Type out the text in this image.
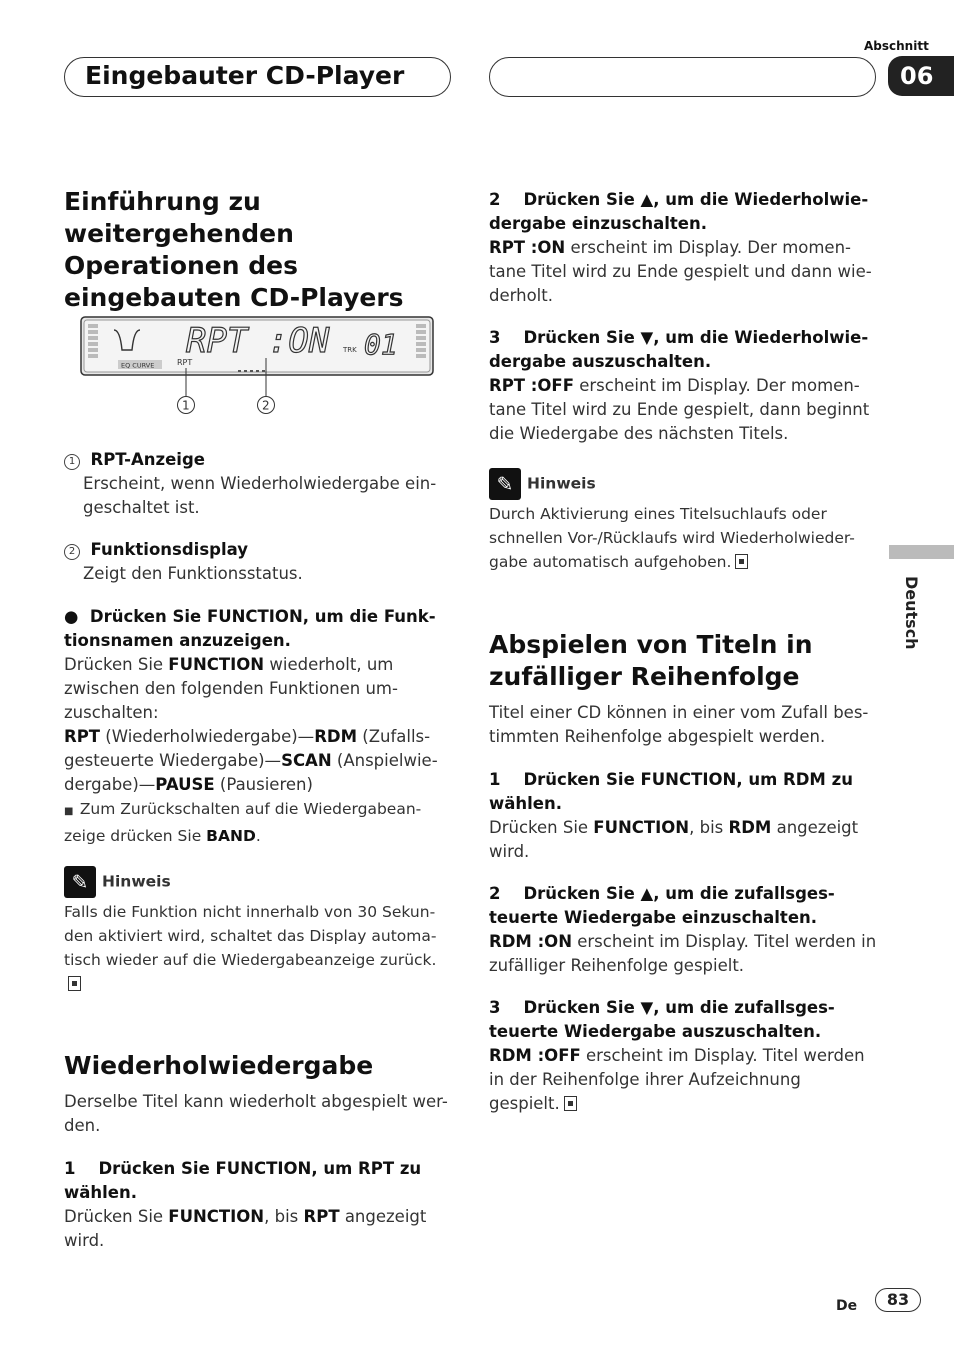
Eingebauter CD-Player
Abschnitt
06
Deutsch
Einführung zu weitergehenden Operationen des eingebauten CD-Players
EQ CURVE	RPT
RPT :ON TRK 01
1	2
1 RPT-Anzeige
Erscheint, wenn Wiederholwiedergabe ein-geschaltet ist.
2 Funktionsdisplay
Zeigt den Funktionsstatus.
●  Drücken Sie FUNCTION, um die Funk-tionsnamen anzuzeigen.
Drücken Sie FUNCTION wiederholt, um zwischen den folgenden Funktionen um-zuschalten:
RPT (Wiederholwiedergabe)—RDM (Zufalls-gesteuerte Wiedergabe)—SCAN (Anspielwie-dergabe)—PAUSE (Pausieren)
■  Zum Zurückschalten auf die Wiedergabean-zeige drücken Sie BAND.
✎ Hinweis
Falls die Funktion nicht innerhalb von 30 Sekun-den aktiviert wird, schaltet das Display automa-tisch wieder auf die Wiedergabeanzeige zurück.
Wiederholwiedergabe
Derselbe Titel kann wiederholt abgespielt wer-den.
1 Drücken Sie FUNCTION, um RPT zu wählen.
Drücken Sie FUNCTION, bis RPT angezeigt wird.
2 Drücken Sie ▲, um die Wiederholwie-dergabe einzuschalten.
RPT :ON erscheint im Display. Der momen-tane Titel wird zu Ende gespielt und dann wie-derholt.
3 Drücken Sie ▼, um die Wiederholwie-dergabe auszuschalten.
RPT :OFF erscheint im Display. Der momen-tane Titel wird zu Ende gespielt, dann beginnt die Wiedergabe des nächsten Titels.
✎ Hinweis
Durch Aktivierung eines Titelsuchlaufs oder schnellen Vor-/Rücklaufs wird Wiederholwieder-gabe automatisch aufgehoben.
Abspielen von Titeln in zufälliger Reihenfolge
Titel einer CD können in einer vom Zufall bes-timmten Reihenfolge abgespielt werden.
1 Drücken Sie FUNCTION, um RDM zu wählen.
Drücken Sie FUNCTION, bis RDM angezeigt wird.
2 Drücken Sie ▲, um die zufallsges-teuerte Wiedergabe einzuschalten.
RDM :ON erscheint im Display. Titel werden in zufälliger Reihenfolge gespielt.
3 Drücken Sie ▼, um die zufallsges-teuerte Wiedergabe auszuschalten.
RDM :OFF erscheint im Display. Titel werden in der Reihenfolge ihrer Aufzeichnung gespielt.
De	83
